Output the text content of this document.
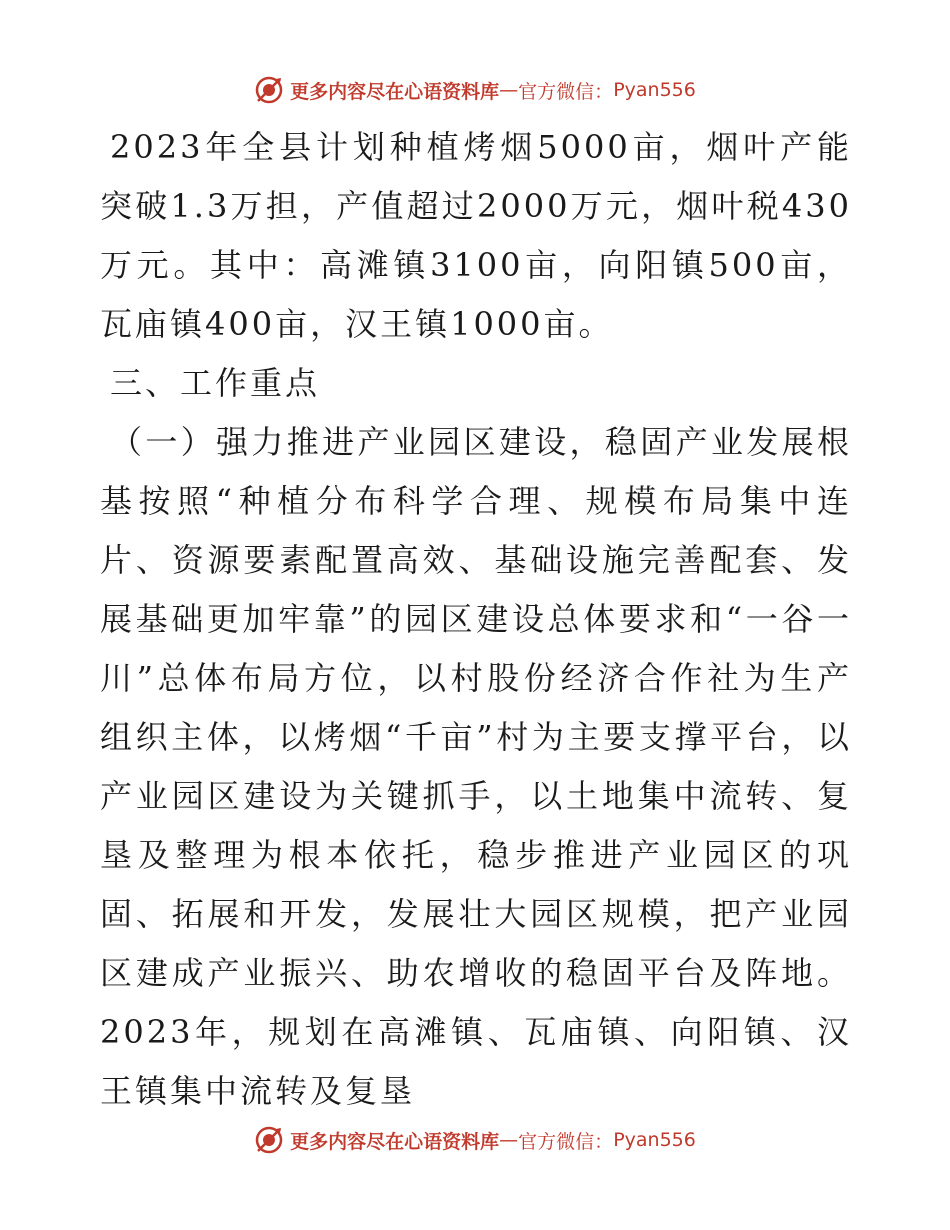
更多内容尽在心语资料库 — 官方微信： Pyan556

2023年全县计划种植烤烟5000亩，烟叶产能突破1.3万担，产值超过2000万元，烟叶税430万元。其中：高滩镇3100亩，向阳镇500亩，瓦庙镇400亩，汉王镇1000亩。

三、工作重点

（一）强力推进产业园区建设，稳固产业发展根基按照“种植分布科学合理、规模布局集中连片、资源要素配置高效、基础设施完善配套、发展基础更加牢靠”的园区建设总体要求和“一谷一川”总体布局方位，以村股份经济合作社为生产组织主体，以烤烟“千亩”村为主要支撑平台，以产业园区建设为关键抓手，以土地集中流转、复垦及整理为根本依托，稳步推进产业园区的巩固、拓展和开发，发展壮大园区规模，把产业园区建成产业振兴、助农增收的稳固平台及阵地。2023年，规划在高滩镇、瓦庙镇、向阳镇、汉王镇集中流转及复垦

更多内容尽在心语资料库 — 官方微信： Pyan556
